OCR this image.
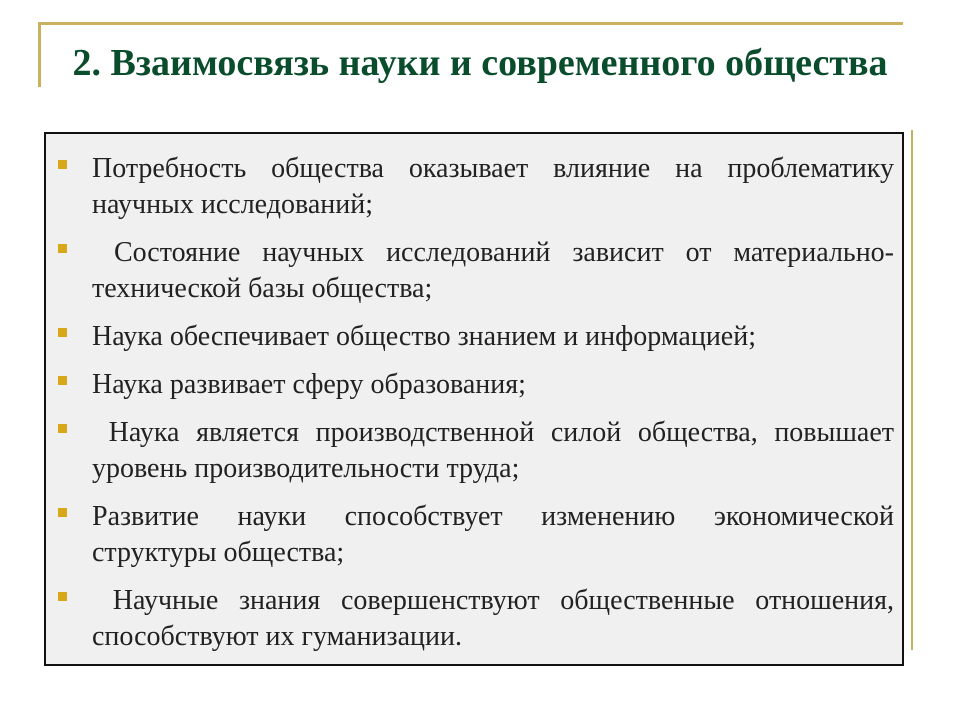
2. Взаимосвязь науки и современного общества
Потребность общества оказывает влияние на проблематику научных исследований;
Состояние научных исследований зависит от материально-технической базы общества;
Наука обеспечивает общество знанием и информацией;
Наука развивает сферу образования;
Наука является производственной силой общества, повышает уровень производительности труда;
Развитие науки способствует изменению экономической структуры общества;
Научные знания совершенствуют общественные отношения, способствуют их гуманизации.
